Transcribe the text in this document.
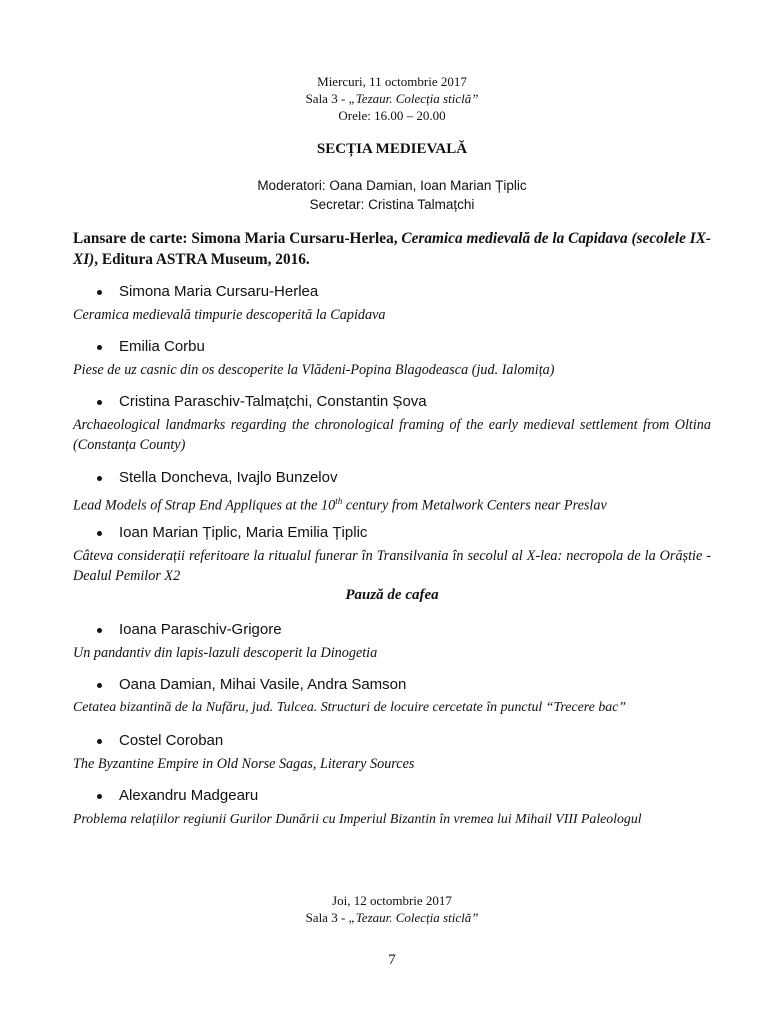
Miercuri, 11 octombrie 2017
Sala 3 - „Tezaur. Colecția sticlă”
Orele: 16.00 – 20.00
SECȚIA MEDIEVALĂ
Moderatori: Oana Damian, Ioan Marian Țiplic
Secretar: Cristina Talmațchi
Lansare de carte: Simona Maria Cursaru-Herlea, Ceramica medievală de la Capidava (secolele IX-XI), Editura ASTRA Museum, 2016.
Simona Maria Cursaru-Herlea
Ceramica medievală timpurie descoperită la Capidava
Emilia Corbu
Piese de uz casnic din os descoperite la Vlădeni-Popina Blagodeasca (jud. Ialomița)
Cristina Paraschiv-Talmațchi, Constantin Șova
Archaeological landmarks regarding the chronological framing of the early medieval settlement from Oltina (Constanța County)
Stella Doncheva, Ivajlo Bunzelov
Lead Models of Strap End Appliques at the 10th century from Metalwork Centers near Preslav
Ioan Marian Țiplic, Maria Emilia Țiplic
Câteva considerații referitoare la ritualul funerar în Transilvania în secolul al X-lea: necropola de la Orăștie - Dealul Pemilor X2
Pauză de cafea
Ioana Paraschiv-Grigore
Un pandantiv din lapis-lazuli descoperit la Dinogetia
Oana Damian, Mihai Vasile, Andra Samson
Cetatea bizantină de la Nufăru, jud. Tulcea. Structuri de locuire cercetate în punctul “Trecere bac”
Costel Coroban
The Byzantine Empire in Old Norse Sagas, Literary Sources
Alexandru Madgearu
Problema relațiilor regiunii Gurilor Dunării cu Imperiul Bizantin în vremea lui Mihail VIII Paleologul
Joi, 12 octombrie 2017
Sala 3 - „Tezaur. Colecția sticlă”
7
